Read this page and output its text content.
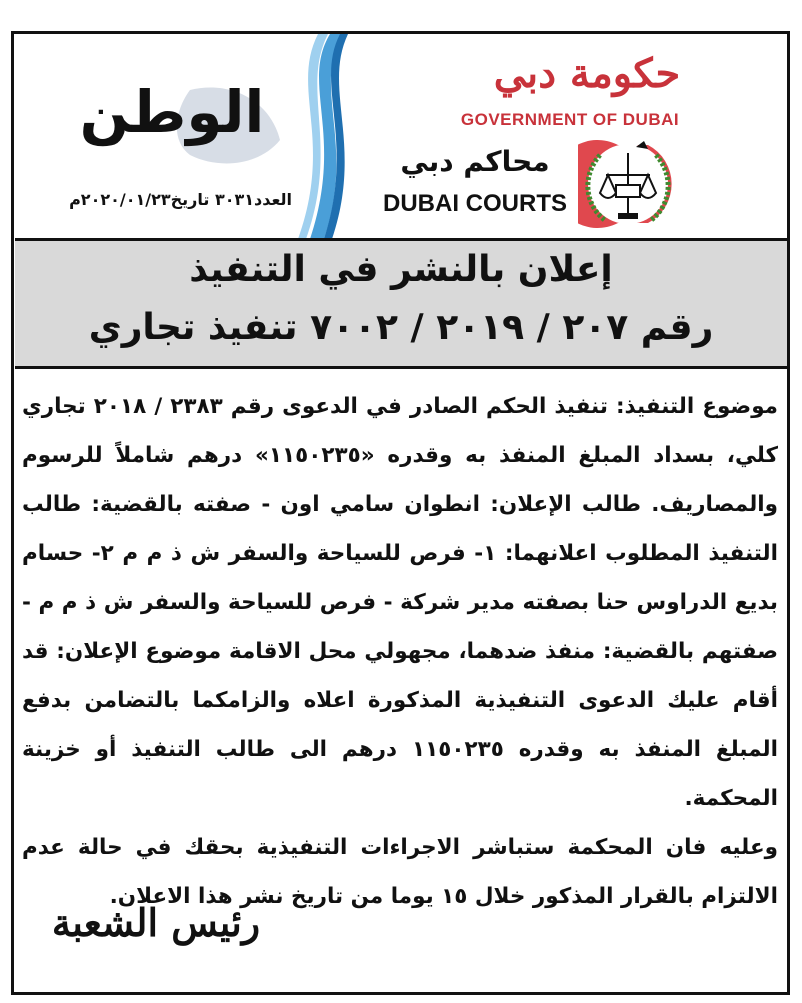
الوطن
العدد٣٠٣١ تاريخ٢٠٢٠/٠١/٢٣م
حكومة دبي
GOVERNMENT OF DUBAI
محاكم دبي
DUBAI COURTS
إعلان بالنشر في التنفيذ
رقم ٢٠٧ / ٢٠١٩ / ٧٠٠٢ تنفيذ تجاري

موضوع التنفيذ: تنفيذ الحكم الصادر في الدعوى رقم ٢٣٨٣ / ٢٠١٨ تجاري كلي، بسداد المبلغ المنفذ به وقدره «١١٥٠٢٣٥» درهم شاملاً للرسوم والمصاريف. طالب الإعلان: انطوان سامي اون - صفته بالقضية: طالب التنفيذ المطلوب اعلانهما: ١- فرص للسياحة والسفر ش ذ م م ٢- حسام بديع الدراوس حنا بصفته مدير شركة - فرص للسياحة والسفر ش ذ م م - صفتهم بالقضية: منفذ ضدهما، مجهولي محل الاقامة موضوع الإعلان: قد أقام عليك الدعوى التنفيذية المذكورة اعلاه والزامكما بالتضامن بدفع المبلغ المنفذ به وقدره ١١٥٠٢٣٥ درهم الى طالب التنفيذ أو خزينة المحكمة.

وعليه فان المحكمة ستباشر الاجراءات التنفيذية بحقك في حالة عدم الالتزام بالقرار المذكور خلال ١٥ يوما من تاريخ نشر هذا الاعلان.

رئيس الشعبة
